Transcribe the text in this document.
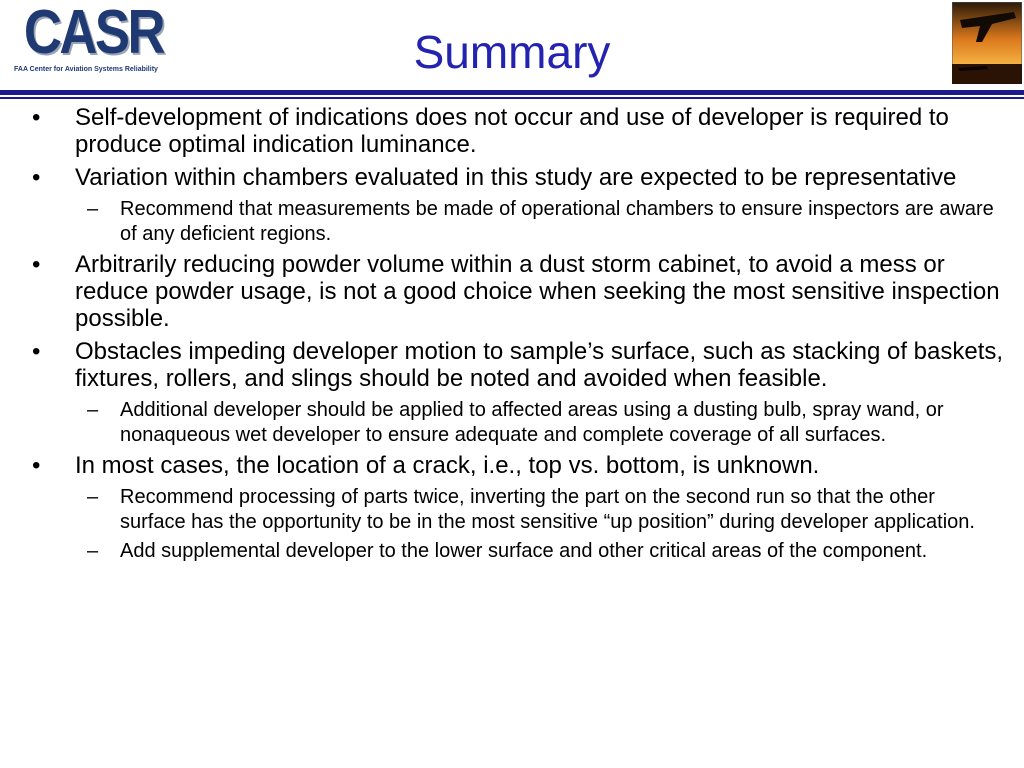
CASR
FAA Center for Aviation Systems Reliability	Summary
• Self-development of indications does not occur and use of developer is required to produce optimal indication luminance.
• Variation within chambers evaluated in this study are expected to be representative
– Recommend that measurements be made of operational chambers to ensure inspectors are aware of any deficient regions.
• Arbitrarily reducing powder volume within a dust storm cabinet, to avoid a mess or reduce powder usage, is not a good choice when seeking the most sensitive inspection possible.
• Obstacles impeding developer motion to sample’s surface, such as stacking of baskets, fixtures, rollers, and slings should be noted and avoided when feasible.
– Additional developer should be applied to affected areas using a dusting bulb, spray wand, or nonaqueous wet developer to ensure adequate and complete coverage of all surfaces.
• In most cases, the location of a crack, i.e., top vs. bottom, is unknown.
– Recommend processing of parts twice, inverting the part on the second run so that the other surface has the opportunity to be in the most sensitive “up position” during developer application.
– Add supplemental developer to the lower surface and other critical areas of the component.
